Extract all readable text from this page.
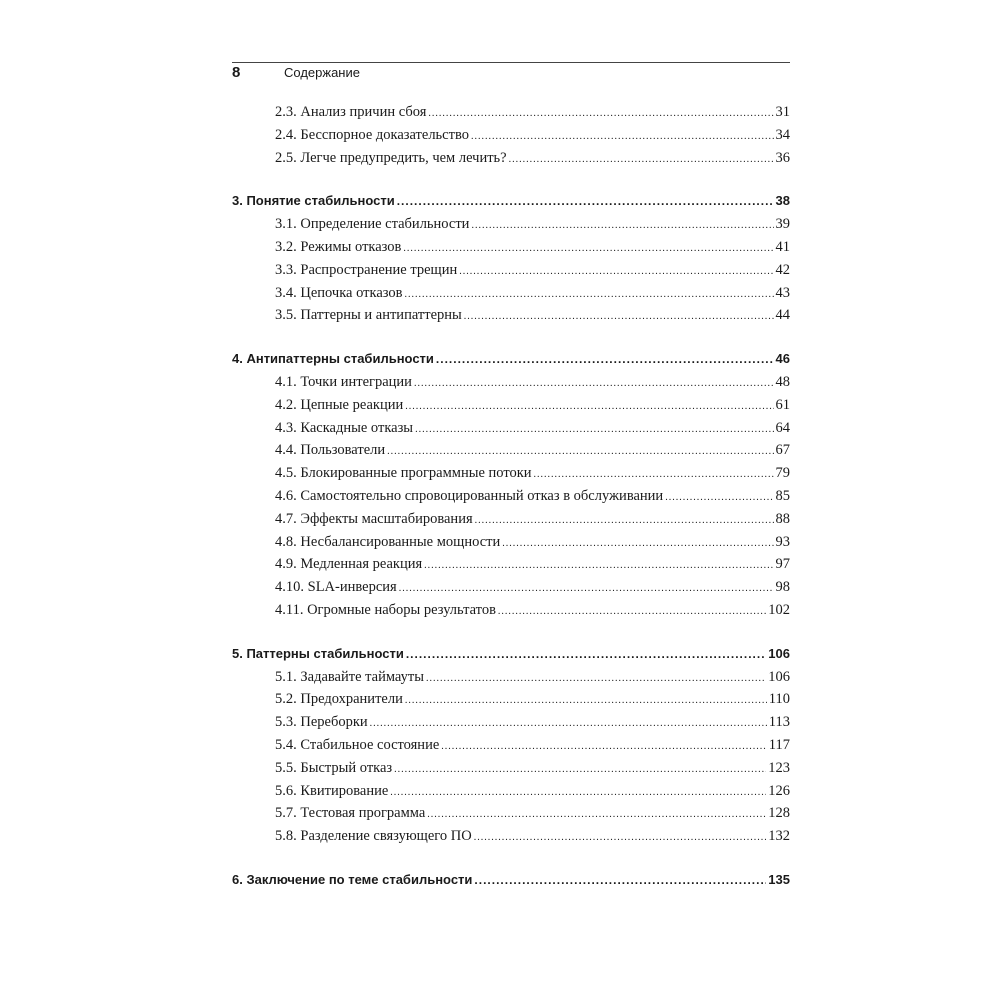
8	Содержание
2.3. Анализ причин сбоя .....	31
2.4. Бесспорное доказательство .....	34
2.5. Легче предупредить, чем лечить? .....	36
3. Понятие стабильности .....	38
3.1. Определение стабильности .....	39
3.2. Режимы отказов .....	41
3.3. Распространение трещин .....	42
3.4. Цепочка отказов .....	43
3.5. Паттерны и антипаттерны .....	44
4. Антипаттерны стабильности .....	46
4.1. Точки интеграции .....	48
4.2. Цепные реакции .....	61
4.3. Каскадные отказы .....	64
4.4. Пользователи .....	67
4.5. Блокированные программные потоки .....	79
4.6. Самостоятельно спровоцированный отказ в обслуживании .....	85
4.7. Эффекты масштабирования .....	88
4.8. Несбалансированные мощности .....	93
4.9. Медленная реакция .....	97
4.10. SLA-инверсия .....	98
4.11. Огромные наборы результатов .....	102
5. Паттерны стабильности .....	106
5.1. Задавайте таймауты .....	106
5.2. Предохранители .....	110
5.3. Переборки .....	113
5.4. Стабильное состояние .....	117
5.5. Быстрый отказ .....	123
5.6. Квитирование .....	126
5.7. Тестовая программа .....	128
5.8. Разделение связующего ПО .....	132
6. Заключение по теме стабильности .....	135
